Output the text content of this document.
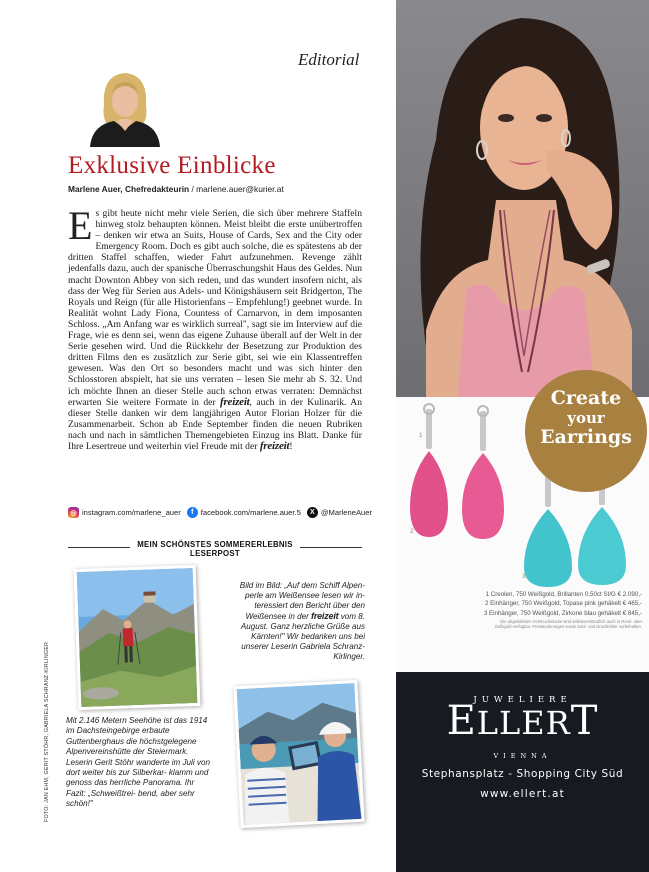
Editorial
Exklusive Einblicke
Marlene Auer, Chefredakteurin / marlene.auer@kurier.at

Es gibt heute nicht mehr viele Serien, die sich über mehrere Staffeln hinweg stolz behaupten können. Meist bleibt die erste unübertroffen – denken wir etwa an Suits, House of Cards, Sex and the City oder Emergency Room. Doch es gibt auch solche, die es spätestens ab der dritten Staffel schaffen, wieder Fahrt aufzunehmen. Revenge zählt jedenfalls dazu, auch der spanische Überraschungshit Haus des Geldes. Nun macht Downton Abbey von sich reden, und das wundert insofern nicht, als dass der Weg für Serien aus Adels- und Königshäusern seit Bridgerton, The Royals und Reign (für alle Historienfans – Empfehlung!) geebnet wurde. In Realität wohnt Lady Fiona, Countess of Carnarvon, in dem imposanten Schloss. „Am Anfang war es wirklich surreal", sagt sie im Interview auf die Frage, wie es denn sei, wenn das eigene Zuhause überall auf der Welt in der Serie gesehen wird. Und die Rückkehr der Besetzung zur Produktion des dritten Films den es zusätzlich zur Serie gibt, sei wie ein Klassentreffen gewesen. Was den Ort so besonders macht und was sich hinter den Schlosstoren abspielt, hat sie uns verraten – lesen Sie mehr ab S. 32. Und ich möchte Ihnen an dieser Stelle auch schon etwas verraten: Demnächst erwarten Sie weitere Formate in der freizeit, auch in der Kulinarik. An dieser Stelle danken wir dem langjährigen Autor Florian Holzer für die Zusammenarbeit. Schon ab Ende September finden die neuen Rubriken nach und nach in sämtlichen Themengebieten Einzug ins Blatt. Danke für Ihre Lesertreue und weiterhin viel Freude mit der freizeit!

◎ instagram.com/marlene_auer	f facebook.com/marlene.auer.5	X @MarleneAuer
MEIN SCHÖNSTES SOMMERERLEBNIS
LESERPOST
Bild im Bild: „Auf dem Schiff Alpen- perle am Weißensee lesen wir in- teressiert den Bericht über den Weißensee in der freizeit vom 8. August. Ganz herzliche Grüße aus Kärnten!" Wir bedanken uns bei unserer Leserin Gabriela Schranz-Kirlinger.
Mit 2.146 Metern Seehöhe ist das 1914 im Dachsteingebirge erbaute Guttenberghaus die höchstgelegene Alpenvereinshütte der Steiermark. Leserin Gerit Stöhr wanderte im Juli von dort weiter bis zur Silberkar- klamm und genoss das herrliche Panorama. Ihr Fazit: „Schweißtrei- bend, aber sehr schön!"
FOTO: JAN EHM, GERIT STÖHR, GABRIELA SCHRANZ-KIRLINGER
Create
your
Earrings
1
2
3
1 Creolen, 750 Weißgold, Brillanten 0,50ct SI/G € 2.090,-
2 Einhänger, 750 Weißgold, Topase pink gehäkelt € 465,-
3 Einhänger, 750 Weißgold, Zirkone blau gehäkelt € 845,-
Die abgebildeten Schmuckstücke sind selbstverständlich auch in Rosé- oder
Gelbgold verfügbar. Preisänderungen sowie Satz- und Druckfehler vorbehalten.
JUWELIERE
ELLERT
VIENNA
Stephansplatz - Shopping City Süd
www.ellert.at
